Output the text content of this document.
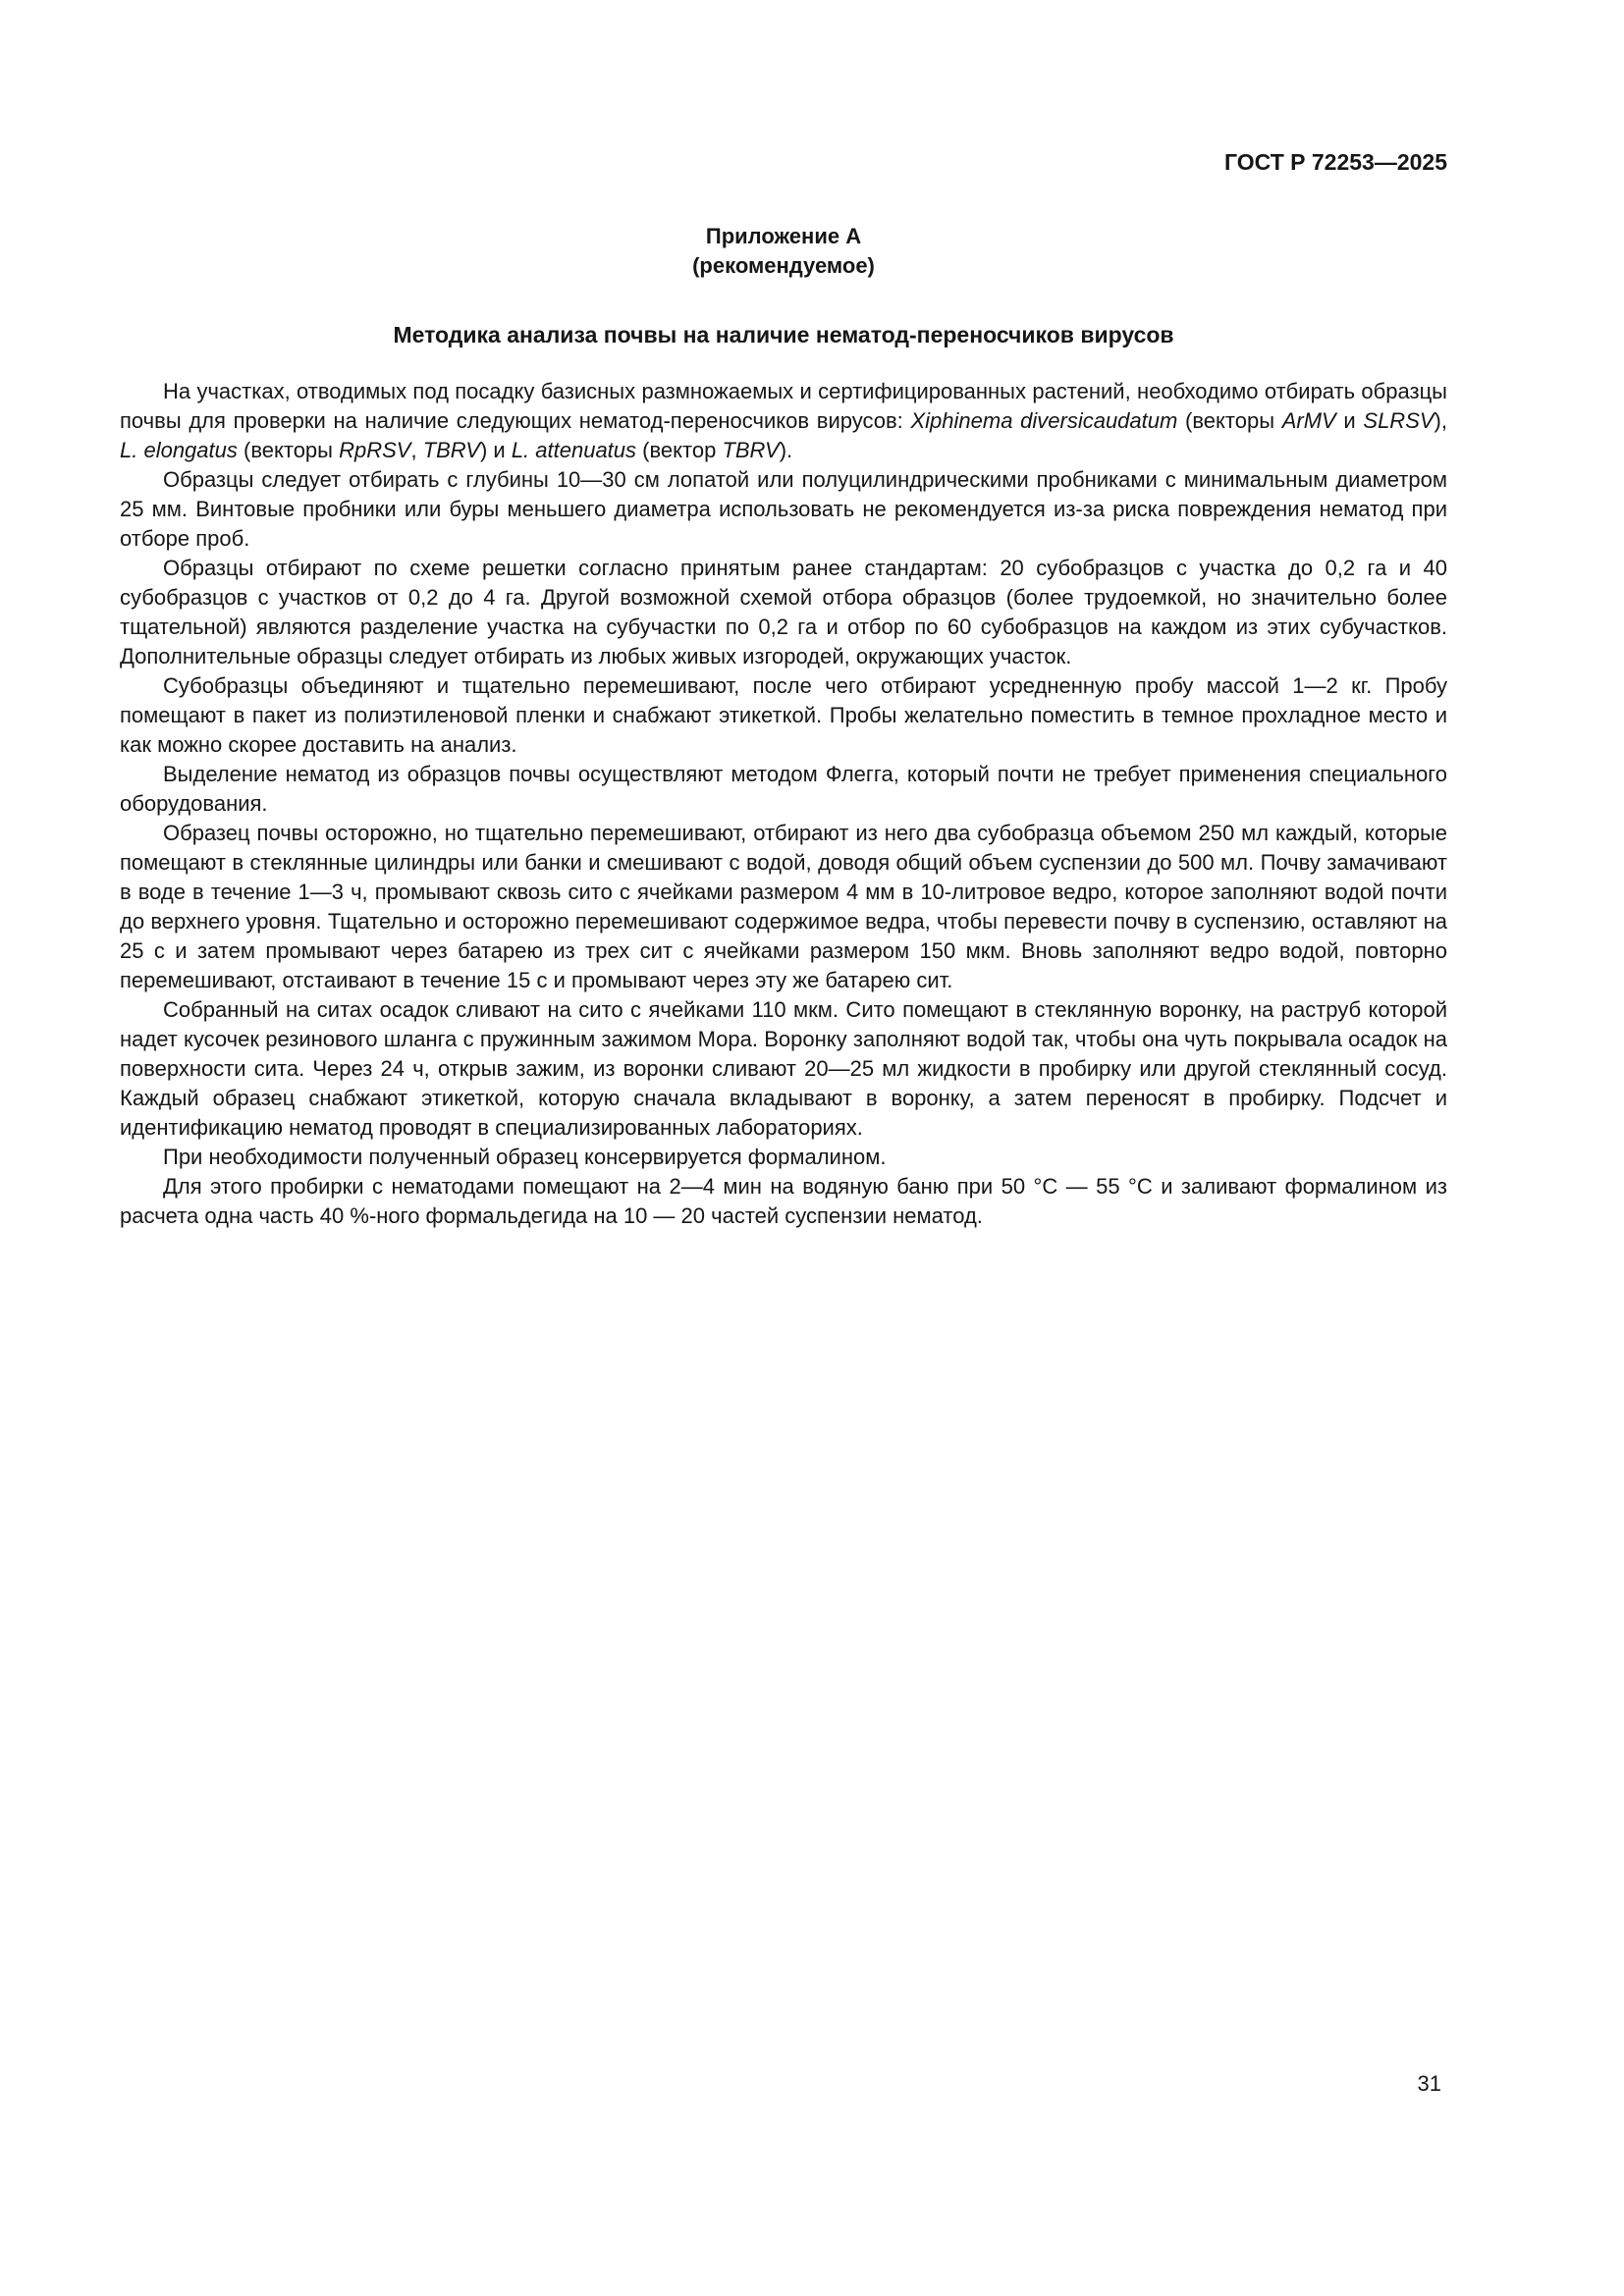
ГОСТ Р 72253—2025
Приложение А
(рекомендуемое)
Методика анализа почвы на наличие нематод-переносчиков вирусов

На участках, отводимых под посадку базисных размножаемых и сертифицированных растений, необходимо отбирать образцы почвы для проверки на наличие следующих нематод-переносчиков вирусов: Xiphinema diversicaudatum (векторы ArMV и SLRSV), L. elongatus (векторы RpRSV, TBRV) и L. attenuatus (вектор TBRV).

Образцы следует отбирать с глубины 10—30 см лопатой или полуцилиндрическими пробниками с минимальным диаметром 25 мм. Винтовые пробники или буры меньшего диаметра использовать не рекомендуется из-за риска повреждения нематод при отборе проб.

Образцы отбирают по схеме решетки согласно принятым ранее стандартам: 20 субобразцов с участка до 0,2 га и 40 субобразцов с участков от 0,2 до 4 га. Другой возможной схемой отбора образцов (более трудоемкой, но значительно более тщательной) являются разделение участка на субучастки по 0,2 га и отбор по 60 субобразцов на каждом из этих субучастков. Дополнительные образцы следует отбирать из любых живых изгородей, окружающих участок.

Субобразцы объединяют и тщательно перемешивают, после чего отбирают усредненную пробу массой 1—2 кг. Пробу помещают в пакет из полиэтиленовой пленки и снабжают этикеткой. Пробы желательно поместить в темное прохладное место и как можно скорее доставить на анализ.

Выделение нематод из образцов почвы осуществляют методом Флегга, который почти не требует применения специального оборудования.

Образец почвы осторожно, но тщательно перемешивают, отбирают из него два субобразца объемом 250 мл каждый, которые помещают в стеклянные цилиндры или банки и смешивают с водой, доводя общий объем суспензии до 500 мл. Почву замачивают в воде в течение 1—3 ч, промывают сквозь сито с ячейками размером 4 мм в 10-литровое ведро, которое заполняют водой почти до верхнего уровня. Тщательно и осторожно перемешивают содержимое ведра, чтобы перевести почву в суспензию, оставляют на 25 с и затем промывают через батарею из трех сит с ячейками размером 150 мкм. Вновь заполняют ведро водой, повторно перемешивают, отстаивают в течение 15 с и промывают через эту же батарею сит.

Собранный на ситах осадок сливают на сито с ячейками 110 мкм. Сито помещают в стеклянную воронку, на раструб которой надет кусочек резинового шланга с пружинным зажимом Мора. Воронку заполняют водой так, чтобы она чуть покрывала осадок на поверхности сита. Через 24 ч, открыв зажим, из воронки сливают 20—25 мл жидкости в пробирку или другой стеклянный сосуд. Каждый образец снабжают этикеткой, которую сначала вкладывают в воронку, а затем переносят в пробирку. Подсчет и идентификацию нематод проводят в специализированных лабораториях.

При необходимости полученный образец консервируется формалином.

Для этого пробирки с нематодами помещают на 2—4 мин на водяную баню при 50 °C — 55 °C и заливают формалином из расчета одна часть 40 %-ного формальдегида на 10 — 20 частей суспензии нематод.

31
